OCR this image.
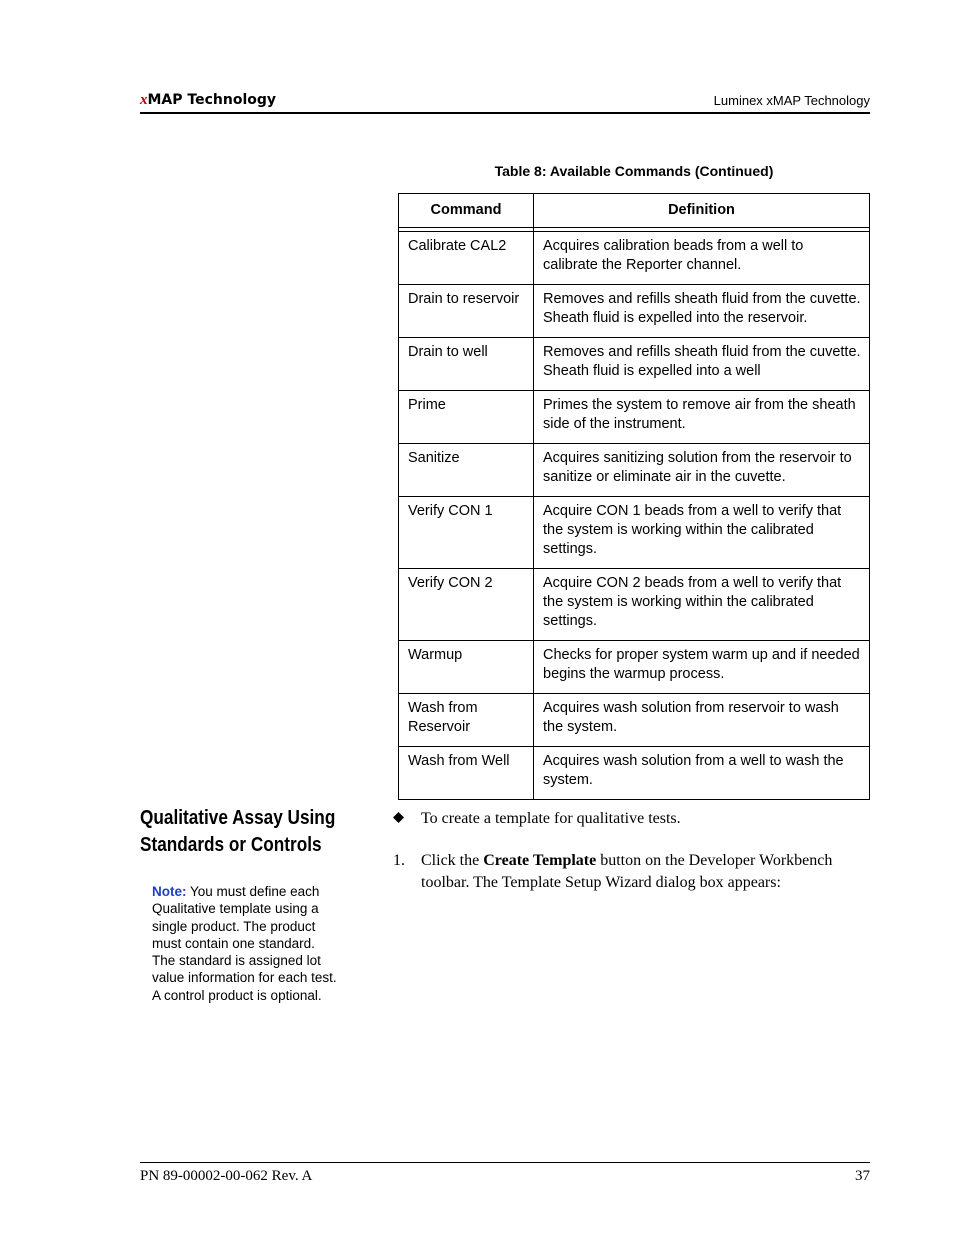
xMAP Technology	Luminex xMAP Technology
Table 8: Available Commands (Continued)
Command	Definition

Calibrate CAL2	Acquires calibration beads from a well to calibrate the Reporter channel.
Drain to reservoir	Removes and refills sheath fluid from the cuvette. Sheath fluid is expelled into the reservoir.
Drain to well	Removes and refills sheath fluid from the cuvette. Sheath fluid is expelled into a well
Prime	Primes the system to remove air from the sheath side of the instrument.
Sanitize	Acquires sanitizing solution from the reservoir to sanitize or eliminate air in the cuvette.
Verify CON 1	Acquire CON 1 beads from a well to verify that the system is working within the calibrated settings.
Verify CON 2	Acquire CON 2 beads from a well to verify that the system is working within the calibrated settings.
Warmup	Checks for proper system warm up and if needed begins the warmup process.
Wash from Reservoir	Acquires wash solution from reservoir to wash the system.
Wash from Well	Acquires wash solution from a well to wash the system.
Qualitative Assay Using
Standards or Controls
Note: You must define each Qualitative template using a single product. The product must contain one standard. The standard is assigned lot value information for each test. A control product is optional.
To create a template for qualitative tests.
1. Click the Create Template button on the Developer Workbench toolbar. The Template Setup Wizard dialog box appears:
PN 89-00002-00-062 Rev. A	37
